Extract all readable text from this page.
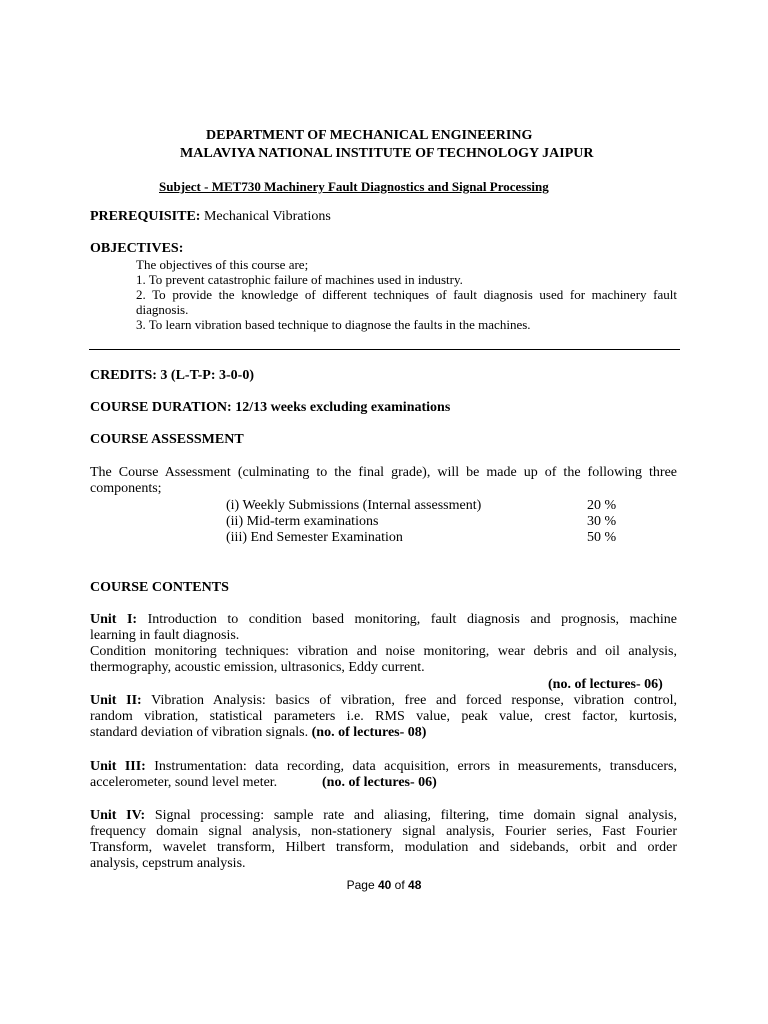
DEPARTMENT OF MECHANICAL ENGINEERING

MALAVIYA NATIONAL INSTITUTE OF TECHNOLOGY JAIPUR

Subject - MET730 Machinery Fault Diagnostics and Signal Processing

PREREQUISITE: Mechanical Vibrations

OBJECTIVES:

The objectives of this course are;

1. To prevent catastrophic failure of machines used in industry.

2. To provide the knowledge of different techniques of fault diagnosis used for machinery fault

diagnosis.

3. To learn vibration based technique to diagnose the faults in the machines.

CREDITS: 3 (L-T-P: 3-0-0)

COURSE DURATION: 12/13 weeks excluding examinations

COURSE ASSESSMENT

The Course Assessment (culminating to the final grade), will be made up of the following three

components;

(i) Weekly Submissions (Internal assessment)	20 %

(ii) Mid-term examinations	30 %

(iii) End Semester Examination	50 %

COURSE CONTENTS

Unit I: Introduction to condition based monitoring, fault diagnosis and prognosis, machine

learning in fault diagnosis.

Condition monitoring techniques: vibration and noise monitoring, wear debris and oil analysis,

thermography, acoustic emission, ultrasonics, Eddy current.

(no. of lectures- 06)

Unit II: Vibration Analysis: basics of vibration, free and forced response, vibration control,

random vibration, statistical parameters i.e. RMS value, peak value, crest factor, kurtosis,

standard deviation of vibration signals. (no. of lectures- 08)

Unit III: Instrumentation: data recording, data acquisition, errors in measurements, transducers,

accelerometer, sound level meter.	(no. of lectures- 06)

Unit IV: Signal processing: sample rate and aliasing, filtering, time domain signal analysis,

frequency domain signal analysis, non-stationery signal analysis, Fourier series, Fast Fourier

Transform, wavelet transform, Hilbert transform, modulation and sidebands, orbit and order

analysis, cepstrum analysis.

Page 40 of 48
